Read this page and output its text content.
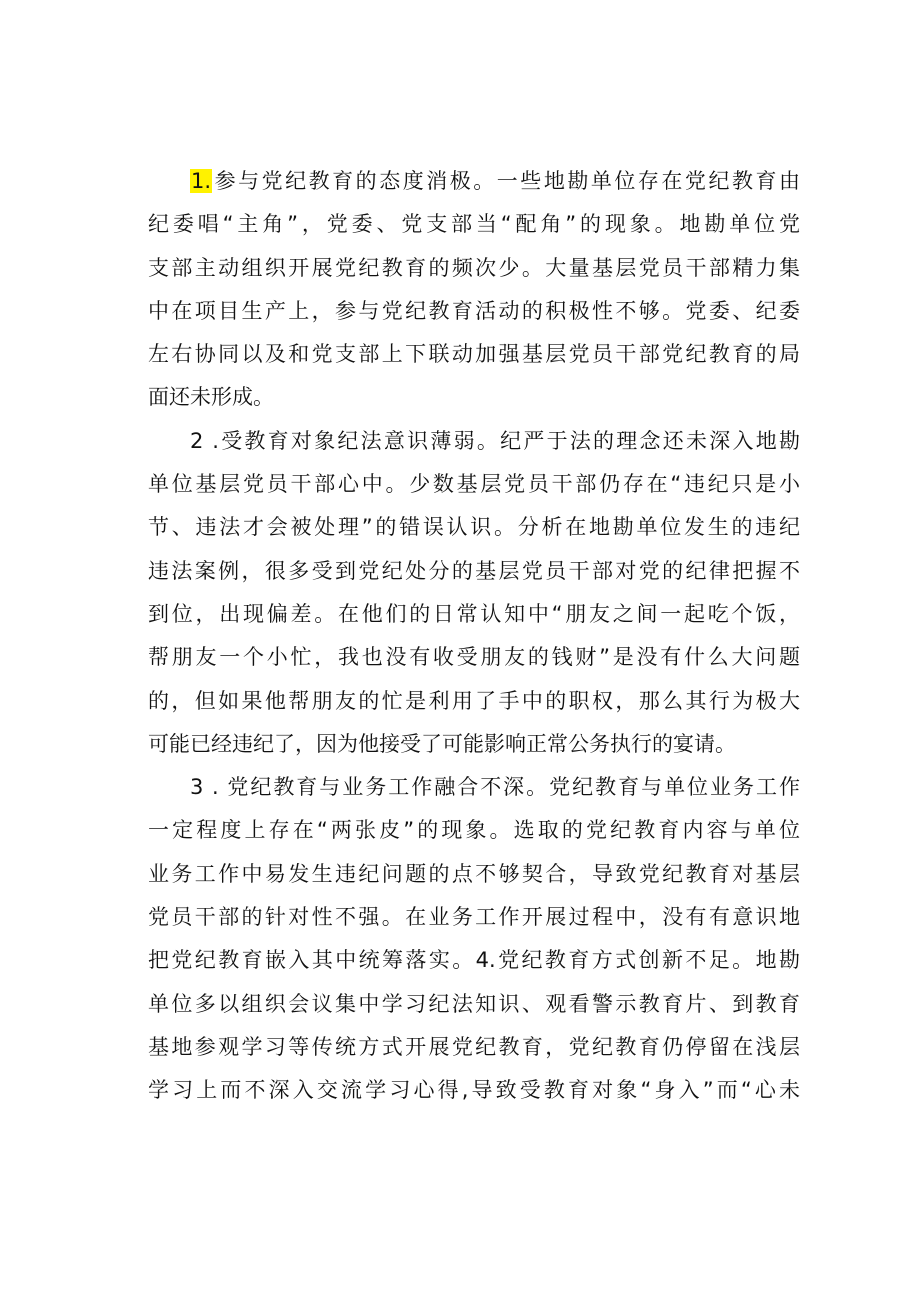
1.参与党纪教育的态度消极。一些地勘单位存在党纪教育由
纪委唱“主角”，党委、党支部当“配角”的现象。地勘单位党
支部主动组织开展党纪教育的频次少。大量基层党员干部精力集
中在项目生产上，参与党纪教育活动的积极性不够。党委、纪委
左右协同以及和党支部上下联动加强基层党员干部党纪教育的局
面还未形成。
2 .受教育对象纪法意识薄弱。纪严于法的理念还未深入地勘
单位基层党员干部心中。少数基层党员干部仍存在“违纪只是小
节、违法才会被处理”的错误认识。分析在地勘单位发生的违纪
违法案例，很多受到党纪处分的基层党员干部对党的纪律把握不
到位，出现偏差。在他们的日常认知中“朋友之间一起吃个饭，
帮朋友一个小忙，我也没有收受朋友的钱财”是没有什么大问题
的，但如果他帮朋友的忙是利用了手中的职权，那么其行为极大
可能已经违纪了，因为他接受了可能影响正常公务执行的宴请。
3 . 党纪教育与业务工作融合不深。党纪教育与单位业务工作
一定程度上存在“两张皮”的现象。选取的党纪教育内容与单位
业务工作中易发生违纪问题的点不够契合，导致党纪教育对基层
党员干部的针对性不强。在业务工作开展过程中，没有有意识地
把党纪教育嵌入其中统筹落实。4.党纪教育方式创新不足。地勘
单位多以组织会议集中学习纪法知识、观看警示教育片、到教育
基地参观学习等传统方式开展党纪教育，党纪教育仍停留在浅层
学习上而不深入交流学习心得,导致受教育对象“身入”而“心未
